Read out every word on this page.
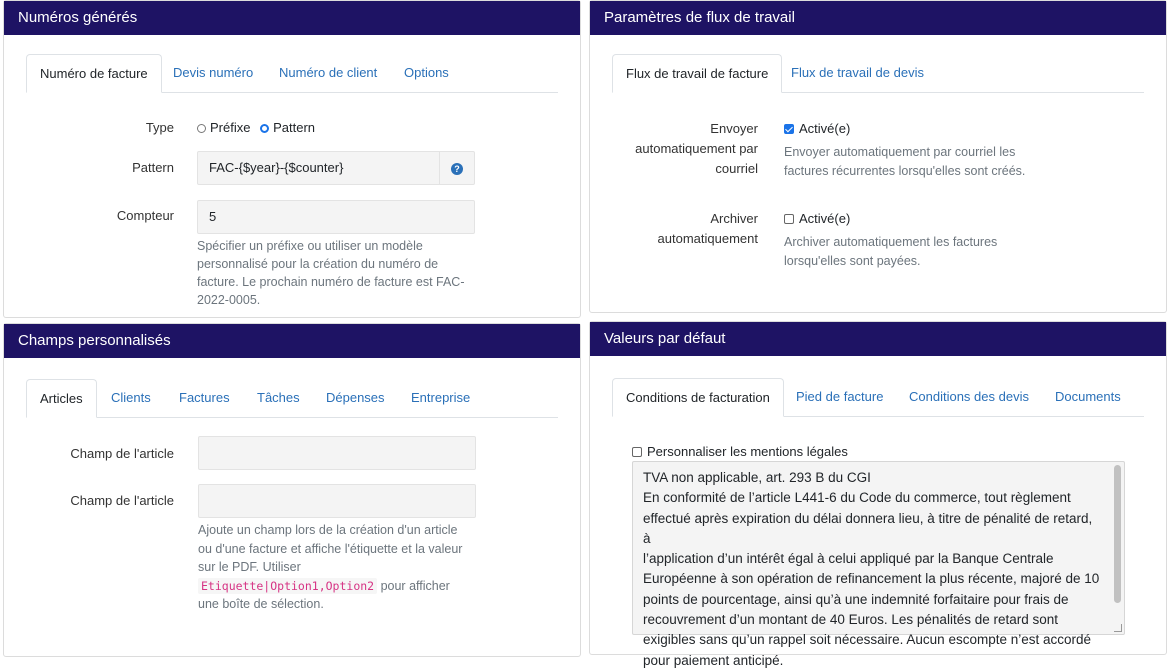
Numéros générés
Numéro de facture	Devis numéro Numéro de client Options
Type	Préfixe Pattern
Pattern	FAC-{$year}-{$counter}	?
Compteur	5
Spécifier un préfixe ou utiliser un modèle
personnalisé pour la création du numéro de
facture. Le prochain numéro de facture est FAC-
2022-0005.
Paramètres de flux de travail
Flux de travail de facture	Flux de travail de devis
Envoyer
automatiquement par
courriel
Activé(e)
Envoyer automatiquement par courriel les
factures récurrentes lorsqu'elles sont créés.
Archiver
automatiquement
Activé(e)
Archiver automatiquement les factures
lorsqu'elles sont payées.
Champs personnalisés
Articles	Clients Factures Tâches Dépenses Entreprise
Champ de l'article
Champ de l'article
Ajoute un champ lors de la création d'un article
ou d'une facture et affiche l'étiquette et la valeur
sur le PDF. Utiliser
Etiquette|Option1,Option2 pour afficher
une boîte de sélection.
Valeurs par défaut
Conditions de facturation	Pied de facture Conditions des devis Documents
Personnaliser les mentions légales
TVA non applicable, art. 293 B du CGI
En conformité de l’article L441-6 du Code du commerce, tout règlement
effectué après expiration du délai donnera lieu, à titre de pénalité de retard, à
l’application d’un intérêt égal à celui appliqué par la Banque Centrale
Européenne à son opération de refinancement la plus récente, majoré de 10
points de pourcentage, ainsi qu’à une indemnité forfaitaire pour frais de
recouvrement d’un montant de 40 Euros. Les pénalités de retard sont
exigibles sans qu’un rappel soit nécessaire. Aucun escompte n’est accordé
pour paiement anticipé.
